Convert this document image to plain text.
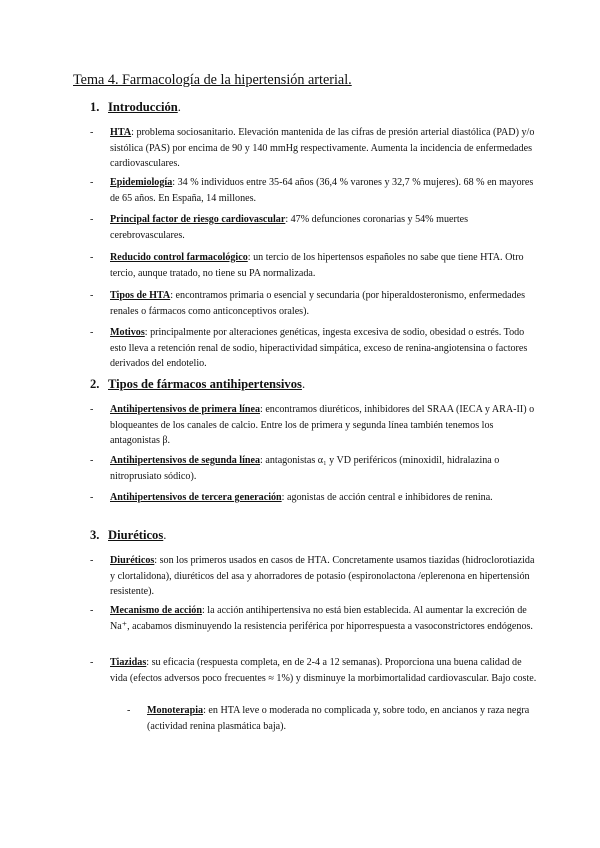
Tema 4. Farmacología de la hipertensión arterial.
1. Introducción.
- HTA: problema sociosanitario. Elevación mantenida de las cifras de presión arterial diastólica (PAD) y/o sistólica (PAS) por encima de 90 y 140 mmHg respectivamente. Aumenta la incidencia de enfermedades cardiovasculares.
- Epidemiología: 34 % individuos entre 35-64 años (36,4 % varones y 32,7 % mujeres). 68 % en mayores de 65 años. En España, 14 millones.
- Principal factor de riesgo cardiovascular: 47% defunciones coronarias y 54% muertes cerebrovasculares.
- Reducido control farmacológico: un tercio de los hipertensos españoles no sabe que tiene HTA. Otro tercio, aunque tratado, no tiene su PA normalizada.
- Tipos de HTA: encontramos primaria o esencial y secundaria (por hiperaldosteronismo, enfermedades renales o fármacos como anticonceptivos orales).
- Motivos: principalmente por alteraciones genéticas, ingesta excesiva de sodio, obesidad o estrés. Todo esto lleva a retención renal de sodio, hiperactividad simpática, exceso de renina-angiotensina o factores derivados del endotelio.
2. Tipos de fármacos antihipertensivos.
- Antihipertensivos de primera línea: encontramos diuréticos, inhibidores del SRAA (IECA y ARA-II) o bloqueantes de los canales de calcio. Entre los de primera y segunda línea también tenemos los antagonistas β.
- Antihipertensivos de segunda línea: antagonistas α₁ y VD periféricos (minoxidil, hidralazina o nitroprusiato sódico).
- Antihipertensivos de tercera generación: agonistas de acción central e inhibidores de renina.
3. Diuréticos.
- Diuréticos: son los primeros usados en casos de HTA. Concretamente usamos tiazidas (hidroclorotiazida y clortalidona), diuréticos del asa y ahorradores de potasio (espironolactona /eplerenona en hipertensión resistente).
- Mecanismo de acción: la acción antihipertensiva no está bien establecida. Al aumentar la excreción de Na⁺, acabamos disminuyendo la resistencia periférica por hiporrespuesta a vasoconstrictores endógenos.
- Tiazidas: su eficacia (respuesta completa, en de 2-4 a 12 semanas). Proporciona una buena calidad de vida (efectos adversos poco frecuentes ≈ 1%) y disminuye la morbimortalidad cardiovascular. Bajo coste.
- Monoterapia: en HTA leve o moderada no complicada y, sobre todo, en ancianos y raza negra (actividad renina plasmática baja).
